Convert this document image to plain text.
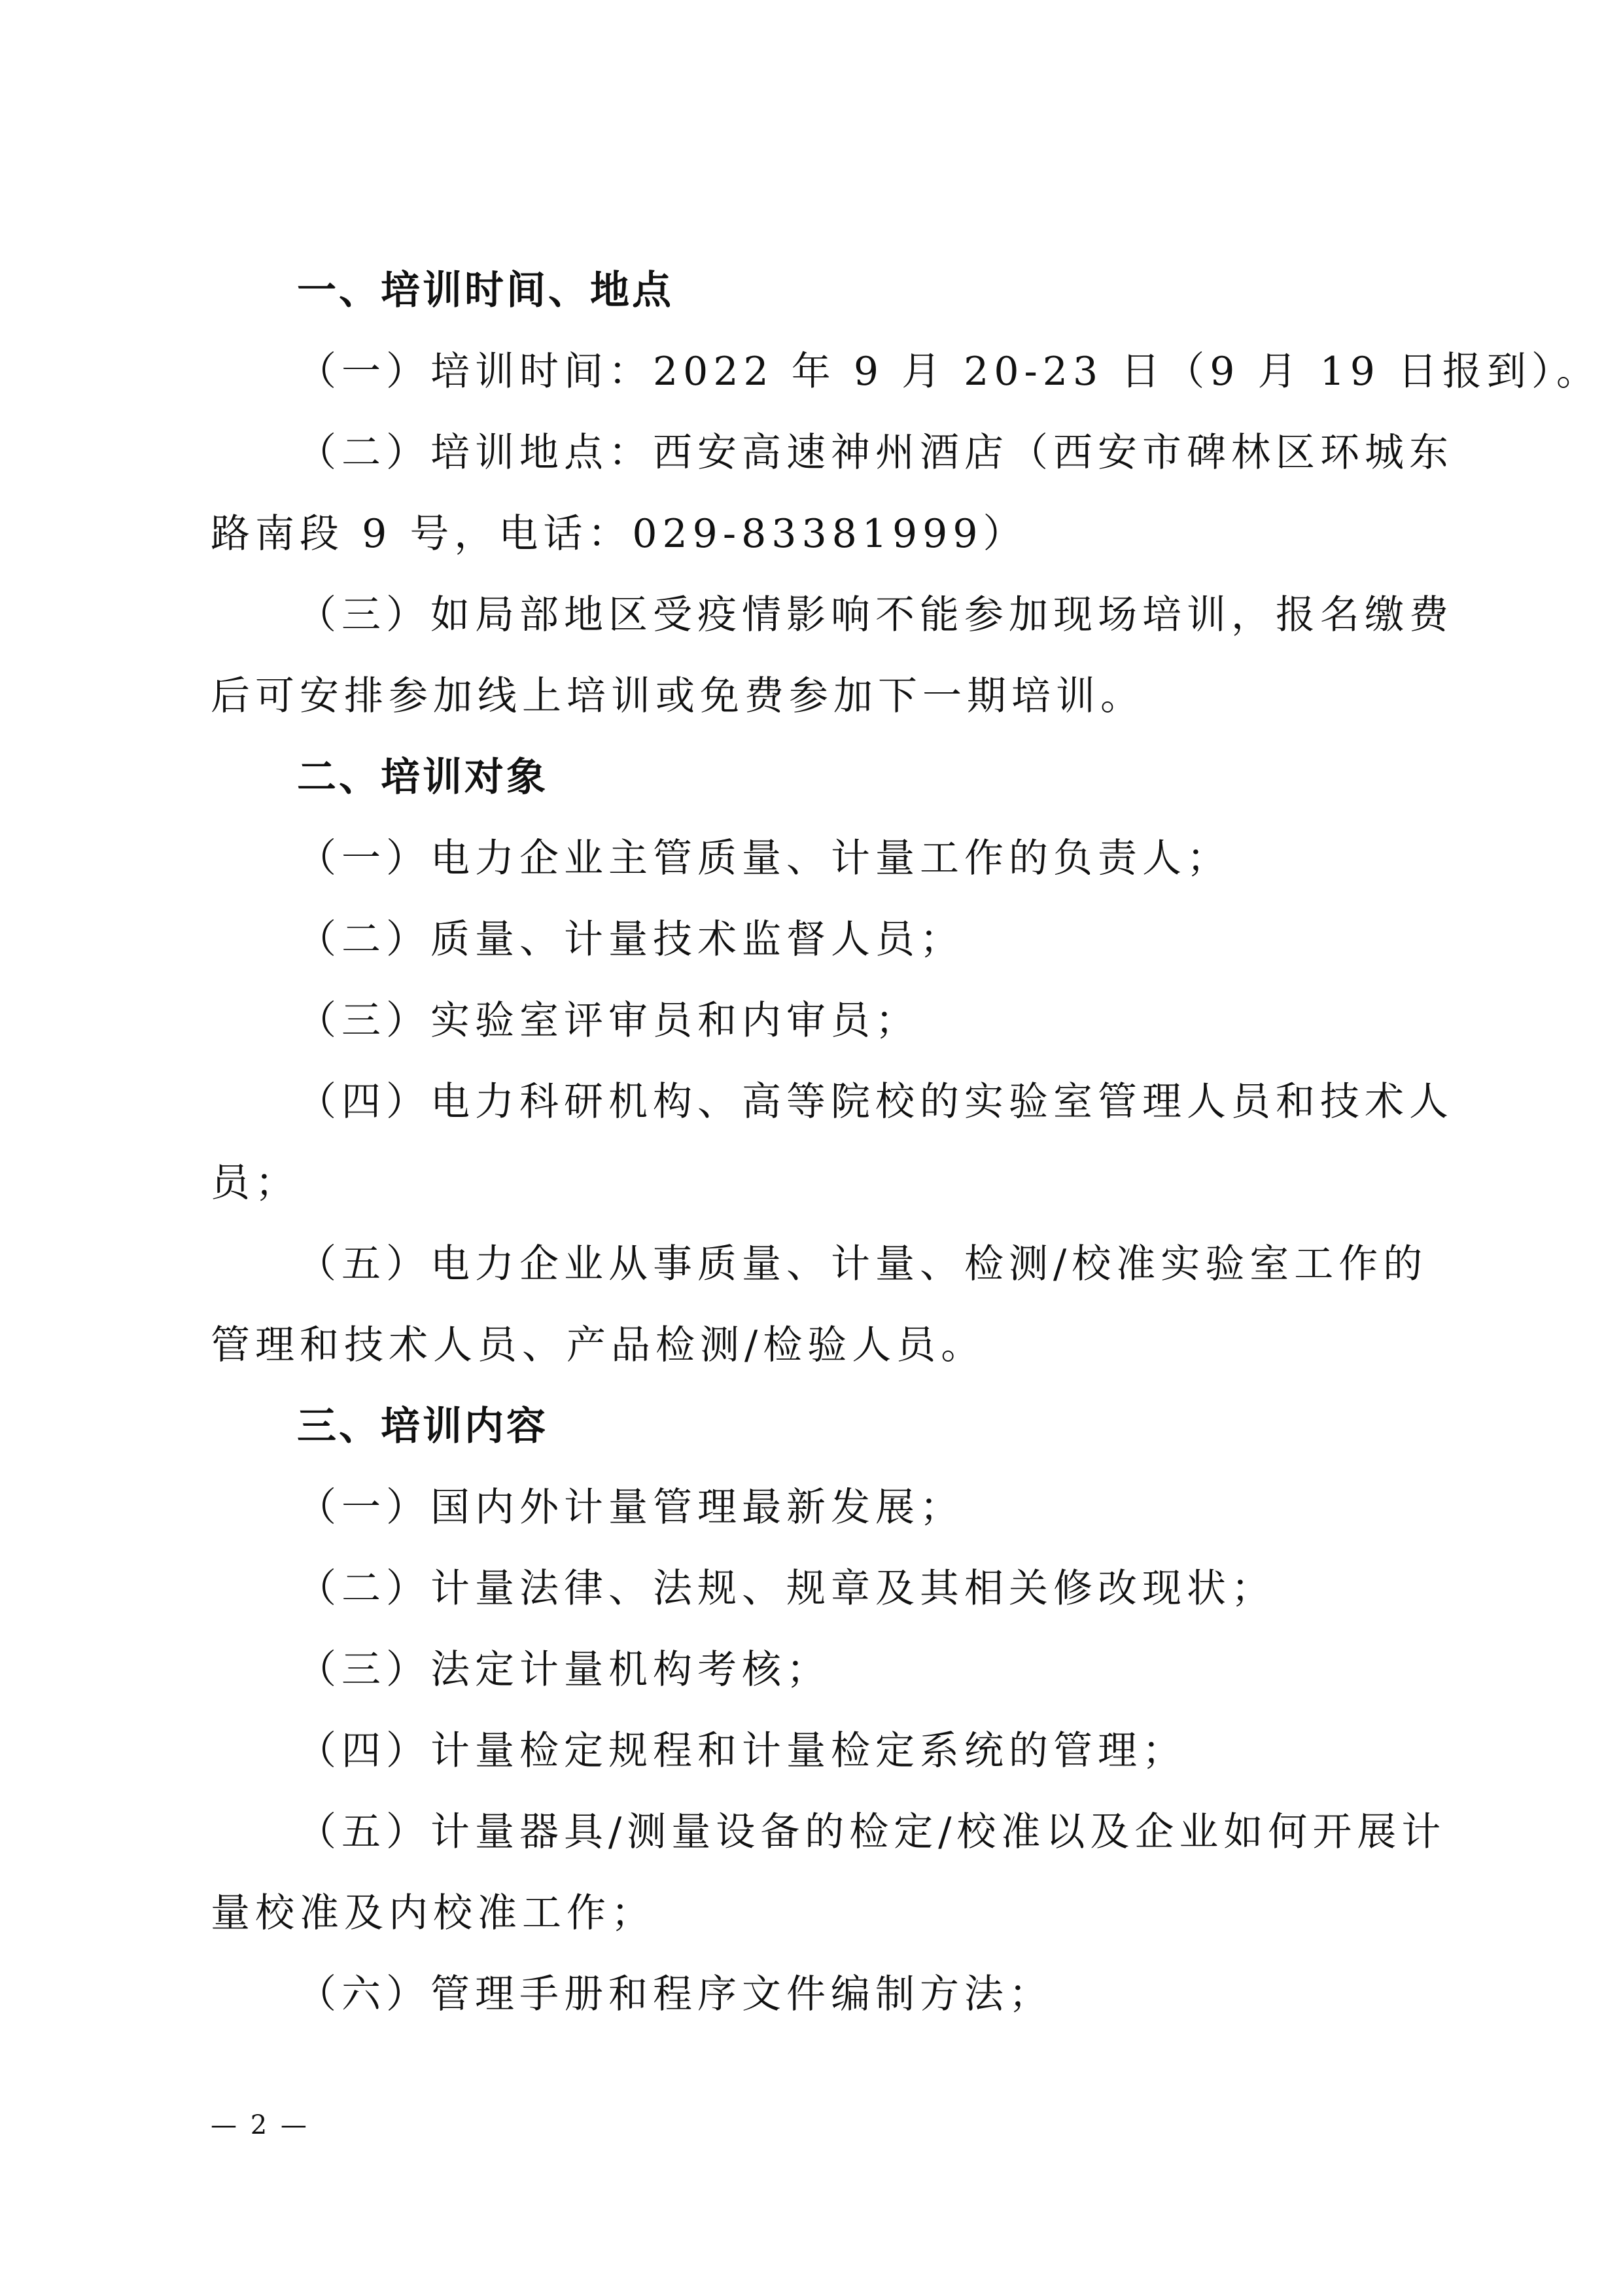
一、培训时间、地点

（一）培训时间：2022 年 9 月 20-23 日（9 月 19 日报到）。

（二）培训地点：西安高速神州酒店（西安市碑林区环城东

路南段 9 号，电话：029-83381999）

（三）如局部地区受疫情影响不能参加现场培训，报名缴费

后可安排参加线上培训或免费参加下一期培训。

二、培训对象

（一）电力企业主管质量、计量工作的负责人；

（二）质量、计量技术监督人员；

（三）实验室评审员和内审员；

（四）电力科研机构、高等院校的实验室管理人员和技术人

员；

（五）电力企业从事质量、计量、检测/校准实验室工作的

管理和技术人员、产品检测/检验人员。

三、培训内容

（一）国内外计量管理最新发展；

（二）计量法律、法规、规章及其相关修改现状；

（三）法定计量机构考核；

（四）计量检定规程和计量检定系统的管理；

（五）计量器具/测量设备的检定/校准以及企业如何开展计

量校准及内校准工作；

（六）管理手册和程序文件编制方法；

— 2 —
